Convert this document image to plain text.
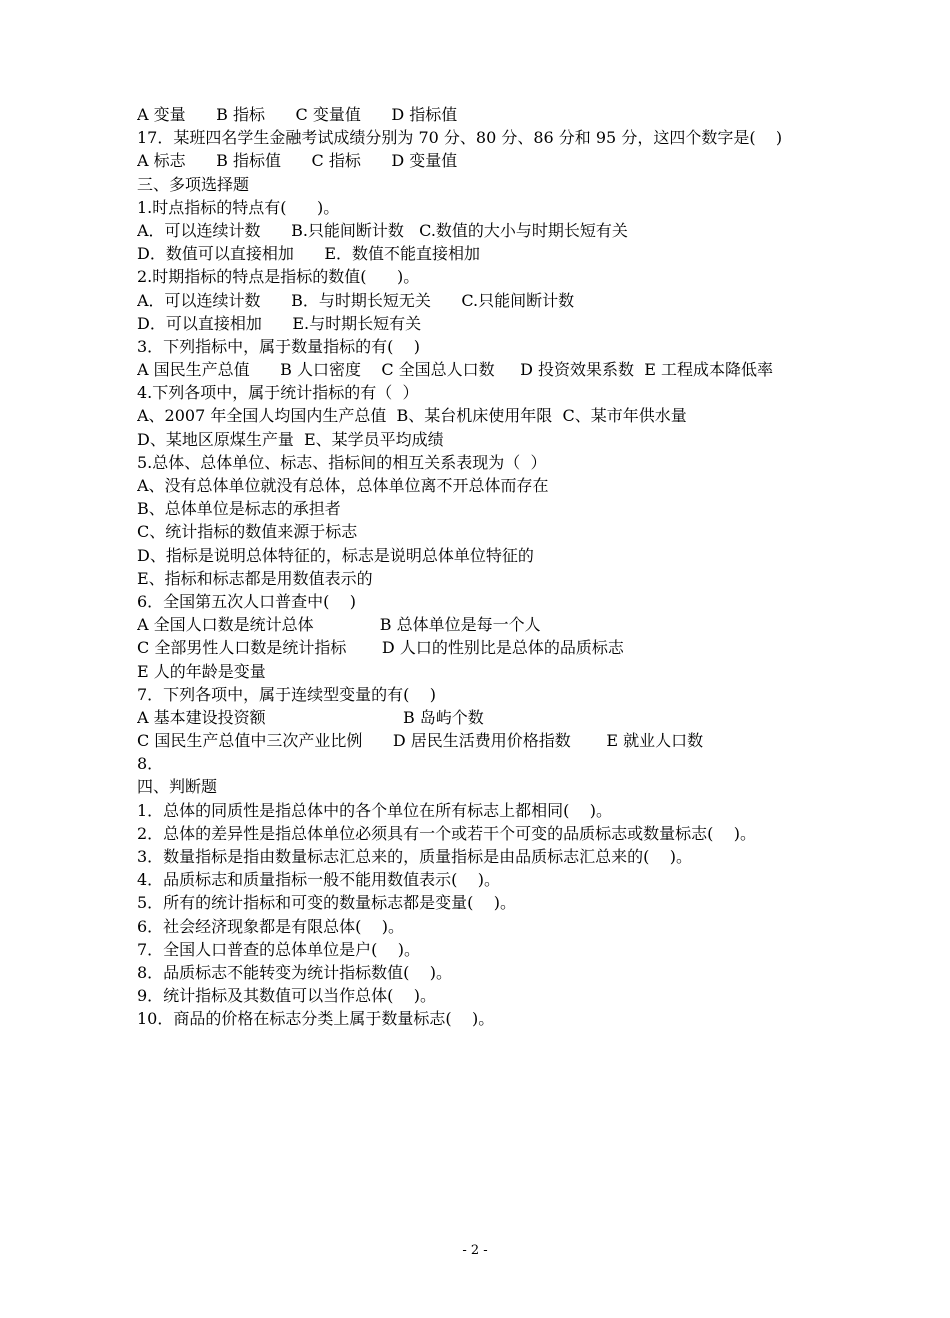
A 变量      B 指标      C 变量值      D 指标值
17．某班四名学生金融考试成绩分别为 70 分、80 分、86 分和 95 分，这四个数字是(    )
A 标志      B 指标值      C 指标      D 变量值
三、多项选择题
1.时点指标的特点有(      )。
A．可以连续计数      B.只能间断计数   C.数值的大小与时期长短有关
D．数值可以直接相加      E．数值不能直接相加
2.时期指标的特点是指标的数值(      )。
A．可以连续计数      B．与时期长短无关      C.只能间断计数
D．可以直接相加      E.与时期长短有关
3．下列指标中，属于数量指标的有(    )
A 国民生产总值      B 人口密度    C 全国总人口数     D 投资效果系数  E 工程成本降低率
4.下列各项中，属于统计指标的有（  ）
A、2007 年全国人均国内生产总值  B、某台机床使用年限  C、某市年供水量
D、某地区原煤生产量  E、某学员平均成绩
5.总体、总体单位、标志、指标间的相互关系表现为（  ）
A、没有总体单位就没有总体，总体单位离不开总体而存在
B、总体单位是标志的承担者
C、统计指标的数值来源于标志
D、指标是说明总体特征的，标志是说明总体单位特征的
E、指标和标志都是用数值表示的
6．全国第五次人口普查中(    )
A 全国人口数是统计总体             B 总体单位是每一个人
C 全部男性人口数是统计指标       D 人口的性别比是总体的品质标志
E 人的年龄是变量
7．下列各项中，属于连续型变量的有(    )
A 基本建设投资额                           B 岛屿个数
C 国民生产总值中三次产业比例      D 居民生活费用价格指数       E 就业人口数
8．
四、判断题
1．总体的同质性是指总体中的各个单位在所有标志上都相同(    )。
2．总体的差异性是指总体单位必须具有一个或若干个可变的品质标志或数量标志(    )。
3．数量指标是指由数量标志汇总来的，质量指标是由品质标志汇总来的(    )。
4．品质标志和质量指标一般不能用数值表示(    )。
5．所有的统计指标和可变的数量标志都是变量(    )。
6．社会经济现象都是有限总体(    )。
7．全国人口普查的总体单位是户(    )。
8．品质标志不能转变为统计指标数值(    )。
9．统计指标及其数值可以当作总体(    )。
10．商品的价格在标志分类上属于数量标志(    )。
- 2 -
